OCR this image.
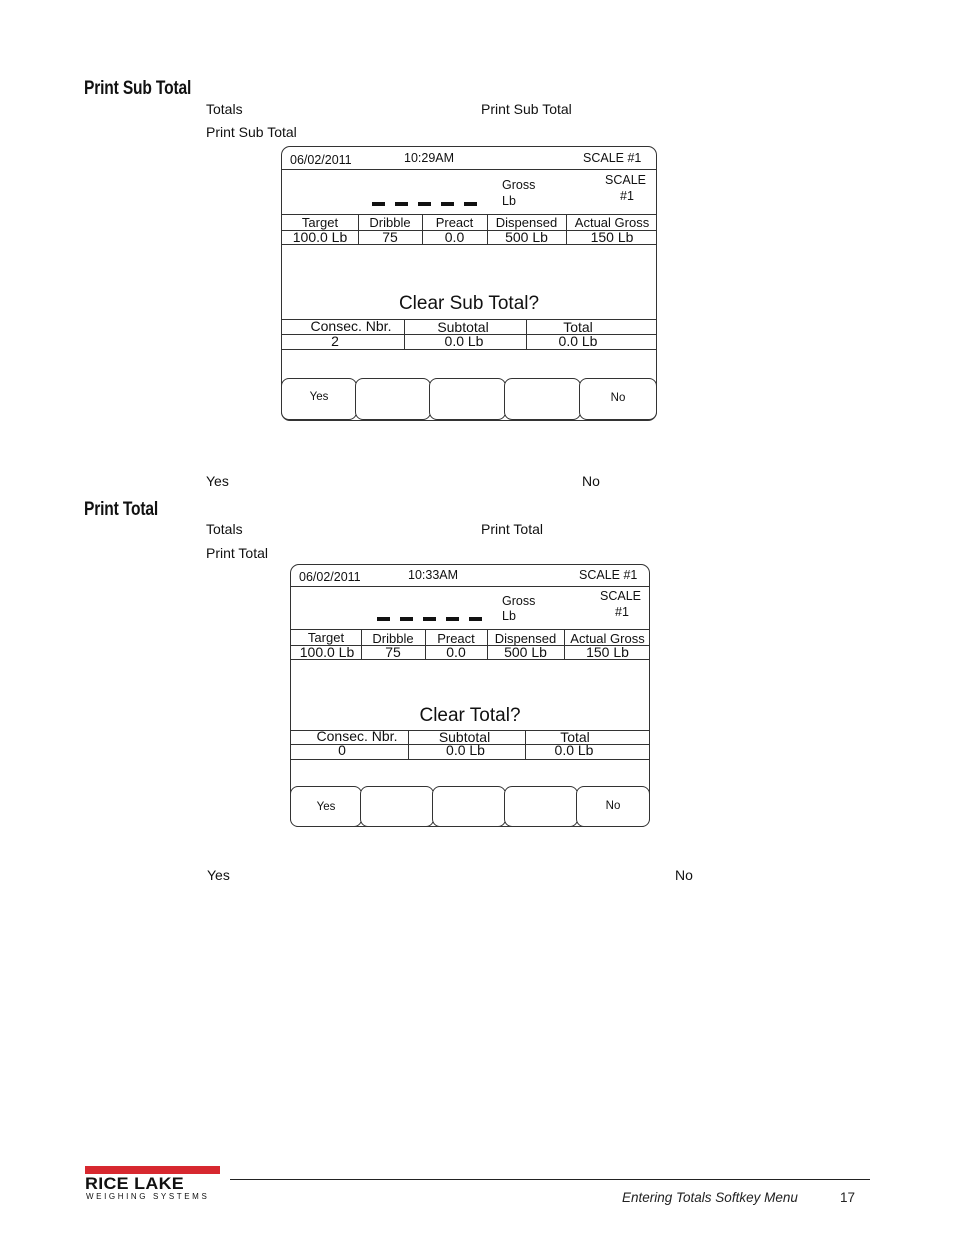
Print Sub Total
Totals	Print Sub Total
Print Sub Total
06/02/2011	10:29AM	SCALE #1
Gross
Lb
SCALE
#1
Target	Dribble	Preact	Dispensed	Actual Gross
100.0 Lb	75	0.0	500 Lb	150 Lb
Clear Sub Total?
Consec. Nbr.	Subtotal	Total
2	0.0 Lb	0.0 Lb
Yes	No
Yes	No
Print Total
Totals	Print Total
Print Total
06/02/2011	10:33AM	SCALE #1
Gross
Lb
SCALE
#1
Target	Dribble	Preact	Dispensed	Actual Gross
100.0 Lb	75	0.0	500 Lb	150 Lb
Clear Total?
Consec. Nbr.	Subtotal	Total
0	0.0 Lb	0.0 Lb
Yes	No
Yes	No
RICE LAKE
WEIGHING SYSTEMS	Entering Totals Softkey Menu	17
